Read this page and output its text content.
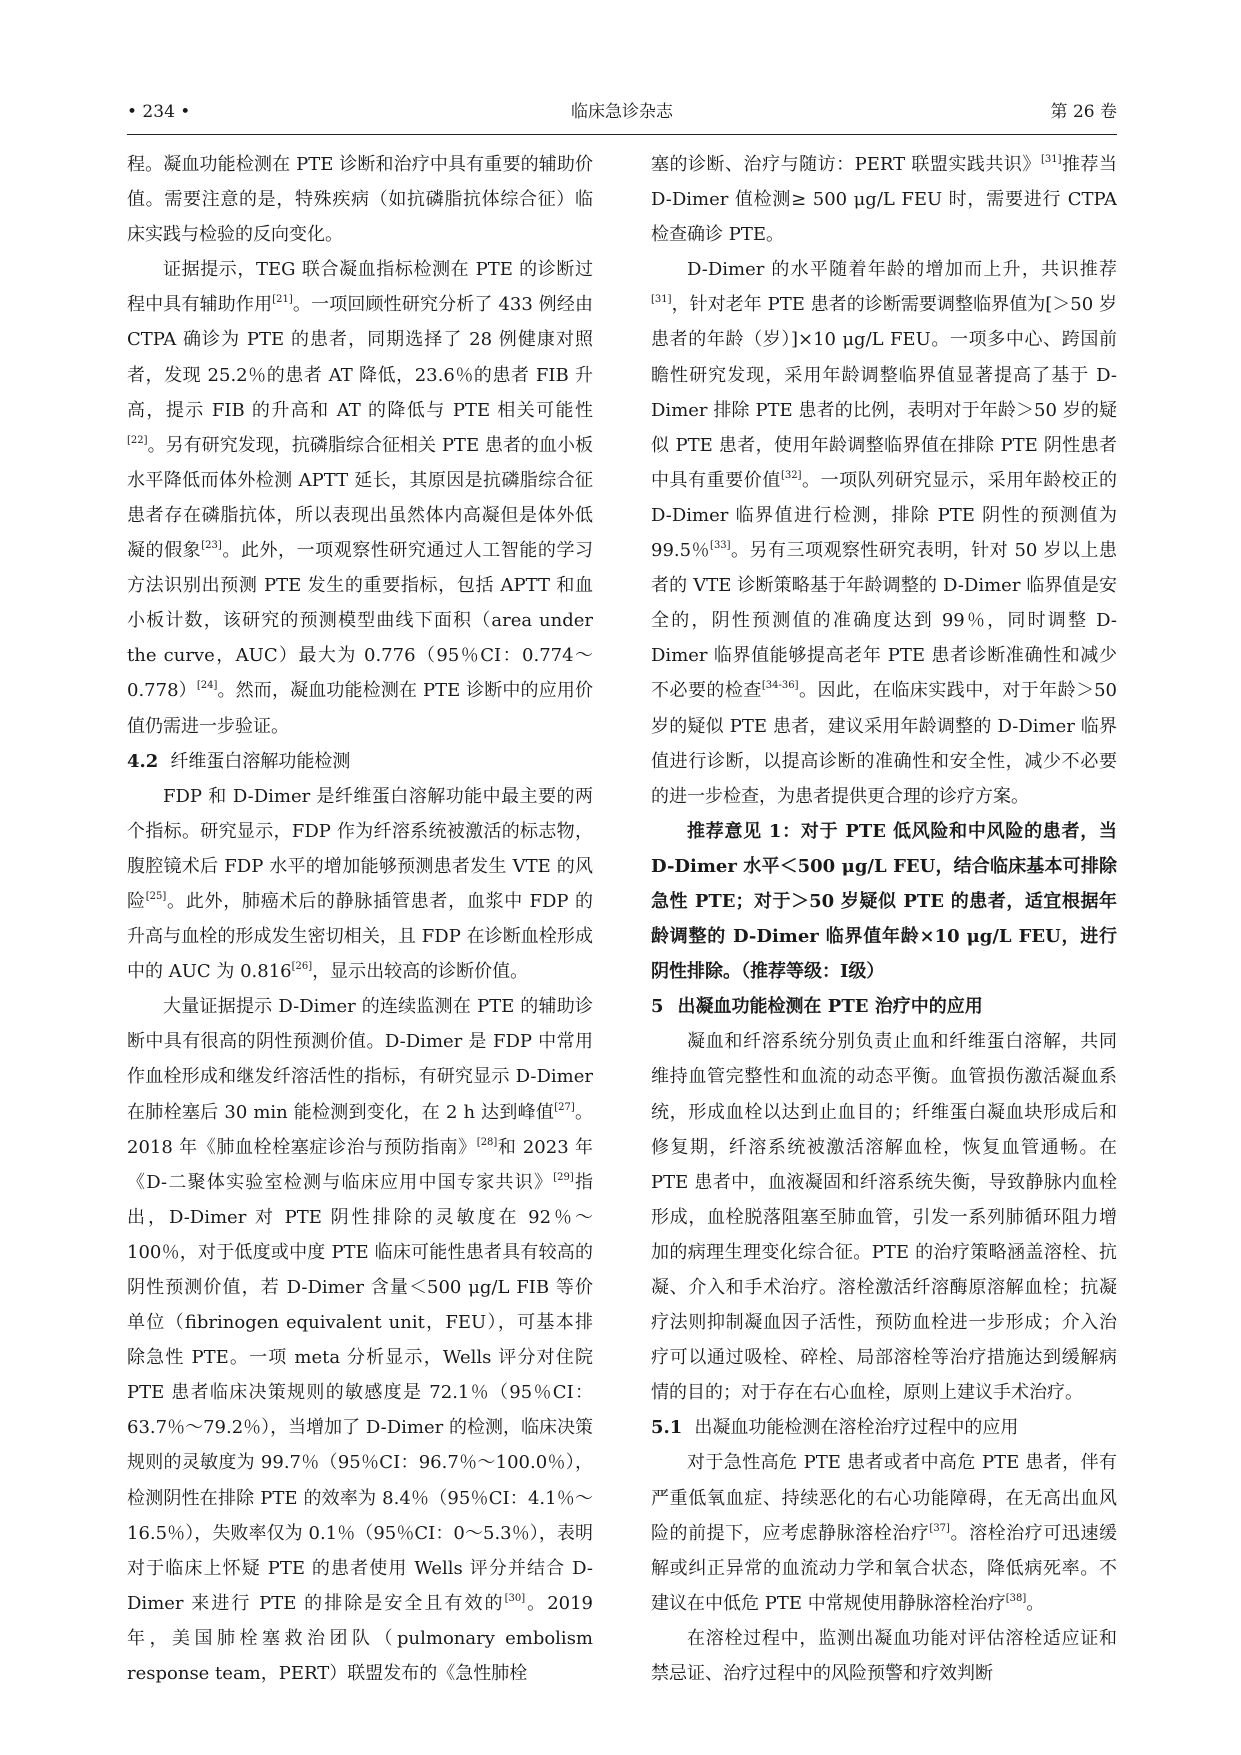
• 234 •	临床急诊杂志	第 26 卷

程。凝血功能检测在 PTE 诊断和治疗中具有重要的辅助价值。需要注意的是，特殊疾病（如抗磷脂抗体综合征）临床实践与检验的反向变化。

证据提示，TEG 联合凝血指标检测在 PTE 的诊断过程中具有辅助作用[21]。一项回顾性研究分析了 433 例经由 CTPA 确诊为 PTE 的患者，同期选择了 28 例健康对照者，发现 25.2％的患者 AT 降低，23.6％的患者 FIB 升高，提示 FIB 的升高和 AT 的降低与 PTE 相关可能性[22]。另有研究发现，抗磷脂综合征相关 PTE 患者的血小板水平降低而体外检测 APTT 延长，其原因是抗磷脂综合征患者存在磷脂抗体，所以表现出虽然体内高凝但是体外低凝的假象[23]。此外，一项观察性研究通过人工智能的学习方法识别出预测 PTE 发生的重要指标，包括 APTT 和血小板计数，该研究的预测模型曲线下面积（area under the curve，AUC）最大为 0.776（95％CI：0.774～0.778）[24]。然而，凝血功能检测在 PTE 诊断中的应用价值仍需进一步验证。

4.2 纤维蛋白溶解功能检测

FDP 和 D-Dimer 是纤维蛋白溶解功能中最主要的两个指标。研究显示，FDP 作为纤溶系统被激活的标志物，腹腔镜术后 FDP 水平的增加能够预测患者发生 VTE 的风险[25]。此外，肺癌术后的静脉插管患者，血浆中 FDP 的升高与血栓的形成发生密切相关，且 FDP 在诊断血栓形成中的 AUC 为 0.816[26]，显示出较高的诊断价值。

大量证据提示 D-Dimer 的连续监测在 PTE 的辅助诊断中具有很高的阴性预测价值。D-Dimer 是 FDP 中常用作血栓形成和继发纤溶活性的指标，有研究显示 D-Dimer 在肺栓塞后 30 min 能检测到变化，在 2 h 达到峰值[27]。2018 年《肺血栓栓塞症诊治与预防指南》[28]和 2023 年《D-二聚体实验室检测与临床应用中国专家共识》[29]指出，D-Dimer 对 PTE 阴性排除的灵敏度在 92％～100％，对于低度或中度 PTE 临床可能性患者具有较高的阴性预测价值，若 D-Dimer 含量＜500 μg/L FIB 等价单位（fibrinogen equivalent unit，FEU），可基本排除急性 PTE。一项 meta 分析显示，Wells 评分对住院 PTE 患者临床决策规则的敏感度是 72.1％（95％CI：63.7％～79.2％），当增加了 D-Dimer 的检测，临床决策规则的灵敏度为 99.7％（95％CI：96.7％～100.0％），检测阴性在排除 PTE 的效率为 8.4％（95％CI：4.1％～16.5％），失败率仅为 0.1％（95％CI：0～5.3％），表明对于临床上怀疑 PTE 的患者使用 Wells 评分并结合 D-Dimer 来进行 PTE 的排除是安全且有效的[30]。2019 年，美国肺栓塞救治团队（pulmonary embolism response team，PERT）联盟发布的《急性肺栓

塞的诊断、治疗与随访：PERT 联盟实践共识》[31]推荐当 D-Dimer 值检测≥ 500 μg/L FEU 时，需要进行 CTPA 检查确诊 PTE。

D-Dimer 的水平随着年龄的增加而上升，共识推荐[31]，针对老年 PTE 患者的诊断需要调整临界值为[＞50 岁患者的年龄（岁）]×10 μg/L FEU。一项多中心、跨国前瞻性研究发现，采用年龄调整临界值显著提高了基于 D-Dimer 排除 PTE 患者的比例，表明对于年龄＞50 岁的疑似 PTE 患者，使用年龄调整临界值在排除 PTE 阴性患者中具有重要价值[32]。一项队列研究显示，采用年龄校正的 D-Dimer 临界值进行检测，排除 PTE 阴性的预测值为 99.5％[33]。另有三项观察性研究表明，针对 50 岁以上患者的 VTE 诊断策略基于年龄调整的 D-Dimer 临界值是安全的，阴性预测值的准确度达到 99％，同时调整 D-Dimer 临界值能够提高老年 PTE 患者诊断准确性和减少不必要的检查[34-36]。因此，在临床实践中，对于年龄＞50 岁的疑似 PTE 患者，建议采用年龄调整的 D-Dimer 临界值进行诊断，以提高诊断的准确性和安全性，减少不必要的进一步检查，为患者提供更合理的诊疗方案。

推荐意见 1：对于 PTE 低风险和中风险的患者，当 D-Dimer 水平＜500 μg/L FEU，结合临床基本可排除急性 PTE；对于＞50 岁疑似 PTE 的患者，适宜根据年龄调整的 D-Dimer 临界值年龄×10 μg/L FEU，进行阴性排除。（推荐等级：Ⅰ级）

5 出凝血功能检测在 PTE 治疗中的应用

凝血和纤溶系统分别负责止血和纤维蛋白溶解，共同维持血管完整性和血流的动态平衡。血管损伤激活凝血系统，形成血栓以达到止血目的；纤维蛋白凝血块形成后和修复期，纤溶系统被激活溶解血栓，恢复血管通畅。在 PTE 患者中，血液凝固和纤溶系统失衡，导致静脉内血栓形成，血栓脱落阻塞至肺血管，引发一系列肺循环阻力增加的病理生理变化综合征。PTE 的治疗策略涵盖溶栓、抗凝、介入和手术治疗。溶栓激活纤溶酶原溶解血栓；抗凝疗法则抑制凝血因子活性，预防血栓进一步形成；介入治疗可以通过吸栓、碎栓、局部溶栓等治疗措施达到缓解病情的目的；对于存在右心血栓，原则上建议手术治疗。

5.1 出凝血功能检测在溶栓治疗过程中的应用

对于急性高危 PTE 患者或者中高危 PTE 患者，伴有严重低氧血症、持续恶化的右心功能障碍，在无高出血风险的前提下，应考虑静脉溶栓治疗[37]。溶栓治疗可迅速缓解或纠正异常的血流动力学和氧合状态，降低病死率。不建议在中低危 PTE 中常规使用静脉溶栓治疗[38]。

在溶栓过程中，监测出凝血功能对评估溶栓适应证和禁忌证、治疗过程中的风险预警和疗效判断
